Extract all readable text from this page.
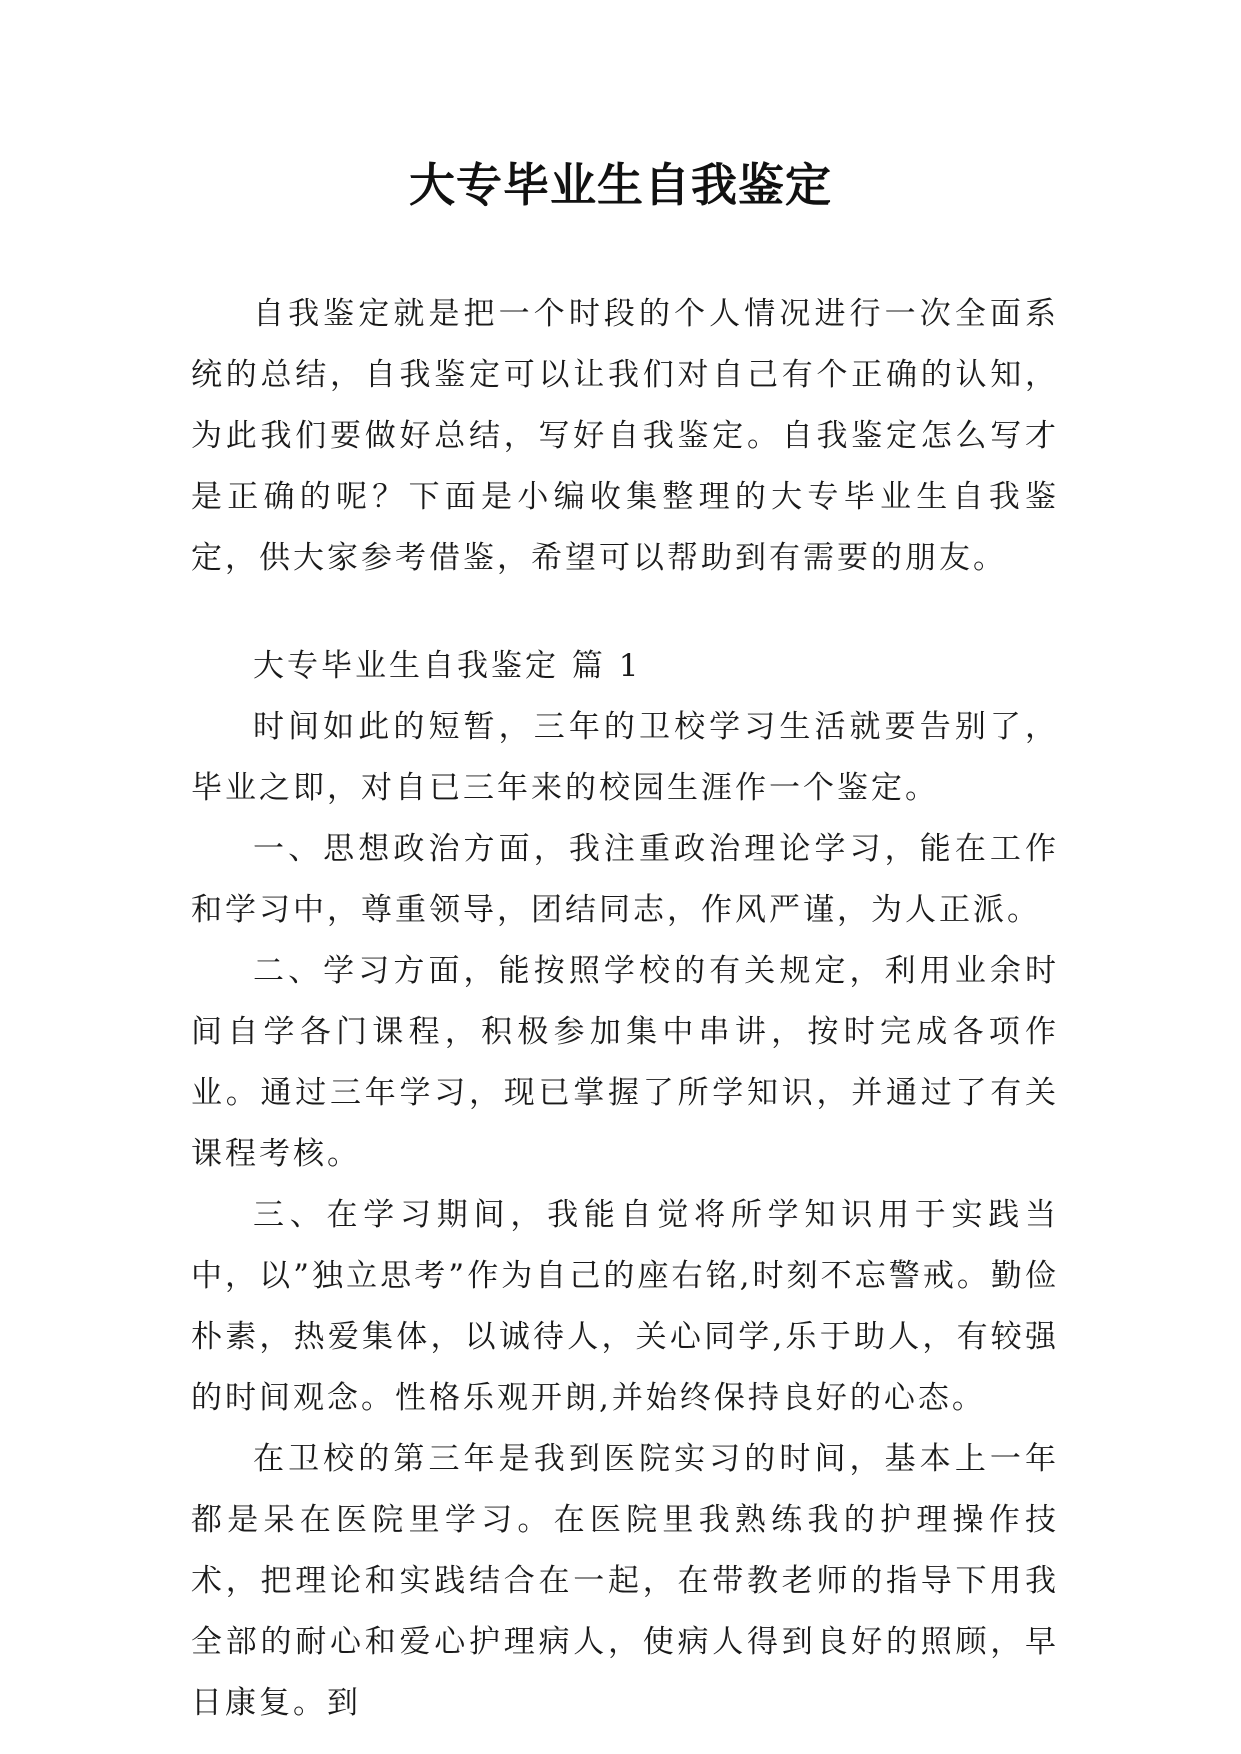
大专毕业生自我鉴定

自我鉴定就是把一个时段的个人情况进行一次全面系统的总结，自我鉴定可以让我们对自己有个正确的认知，为此我们要做好总结，写好自我鉴定。自我鉴定怎么写才是正确的呢？下面是小编收集整理的大专毕业生自我鉴定，供大家参考借鉴，希望可以帮助到有需要的朋友。

大专毕业生自我鉴定 篇 1

时间如此的短暂，三年的卫校学习生活就要告别了，毕业之即，对自已三年来的校园生涯作一个鉴定。

一、思想政治方面，我注重政治理论学习，能在工作和学习中，尊重领导，团结同志，作风严谨，为人正派。

二、学习方面，能按照学校的有关规定，利用业余时间自学各门课程，积极参加集中串讲，按时完成各项作业。通过三年学习，现已掌握了所学知识，并通过了有关课程考核。

三、在学习期间，我能自觉将所学知识用于实践当中，以”独立思考”作为自己的座右铭,时刻不忘警戒。勤俭朴素，热爱集体，以诚待人，关心同学,乐于助人，有较强的时间观念。性格乐观开朗,并始终保持良好的心态。

在卫校的第三年是我到医院实习的时间，基本上一年都是呆在医院里学习。在医院里我熟练我的护理操作技术，把理论和实践结合在一起，在带教老师的指导下用我全部的耐心和爱心护理病人，使病人得到良好的照顾，早日康复。到
